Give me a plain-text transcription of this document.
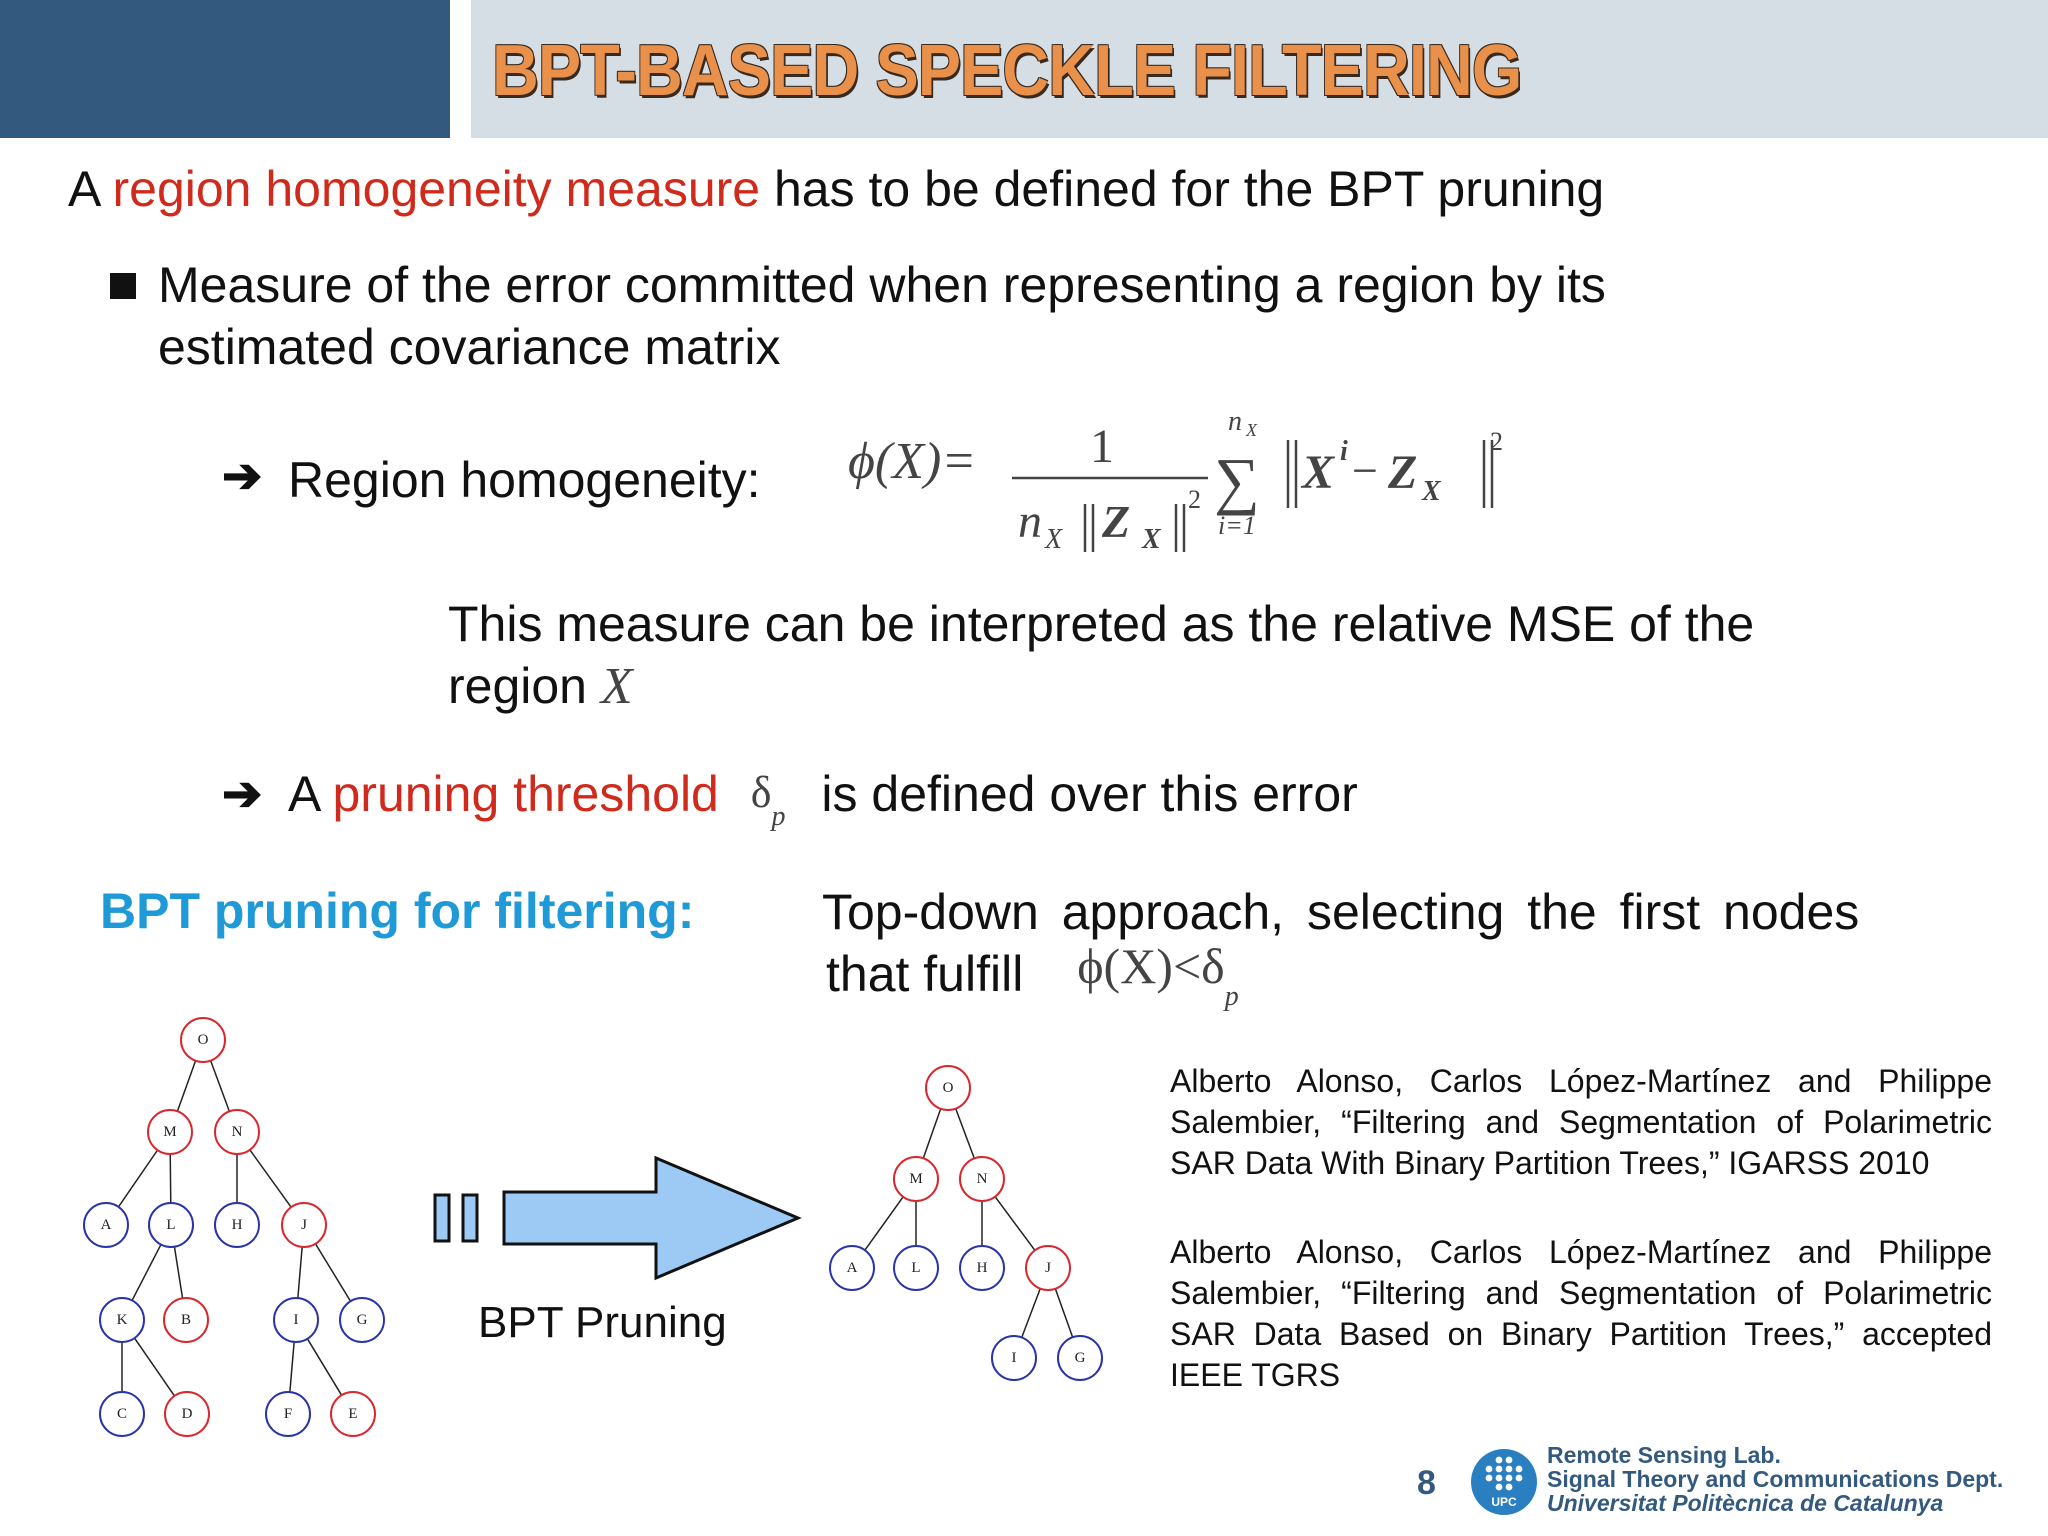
BPT-BASED SPECKLE FILTERING
A region homogeneity measure has to be defined for the BPT pruning
Measure of the error committed when representing a region by its
estimated covariance matrix
➔ Region homogeneity: ϕ(X)= 1
n X Z X
2 ∑
n X
i=1
X i − Z X
2
This measure can be interpreted as the relative MSE of the
region X
➔ A pruning threshold $\delta_p$ is defined over this error
BPT pruning for filtering:	Top-down approach, selecting the first nodes
that fulfill $\phi(X)<\delta_p$
O
M	N
A	L	H	J
K	B	I	G
C	D	F	E
BPT Pruning
O
M	N
A	L	H	J
I	G
Alberto Alonso, Carlos López-Martínez and Philippe Salembier, “Filtering and Segmentation of Polarimetric SAR Data With Binary Partition Trees,” IGARSS 2010
Alberto Alonso, Carlos López-Martínez and Philippe Salembier, “Filtering and Segmentation of Polarimetric SAR Data Based on Binary Partition Trees,” accepted IEEE TGRS
8	UPC
Remote Sensing Lab.
Signal Theory and Communications Dept.
Universitat Politècnica de Catalunya
